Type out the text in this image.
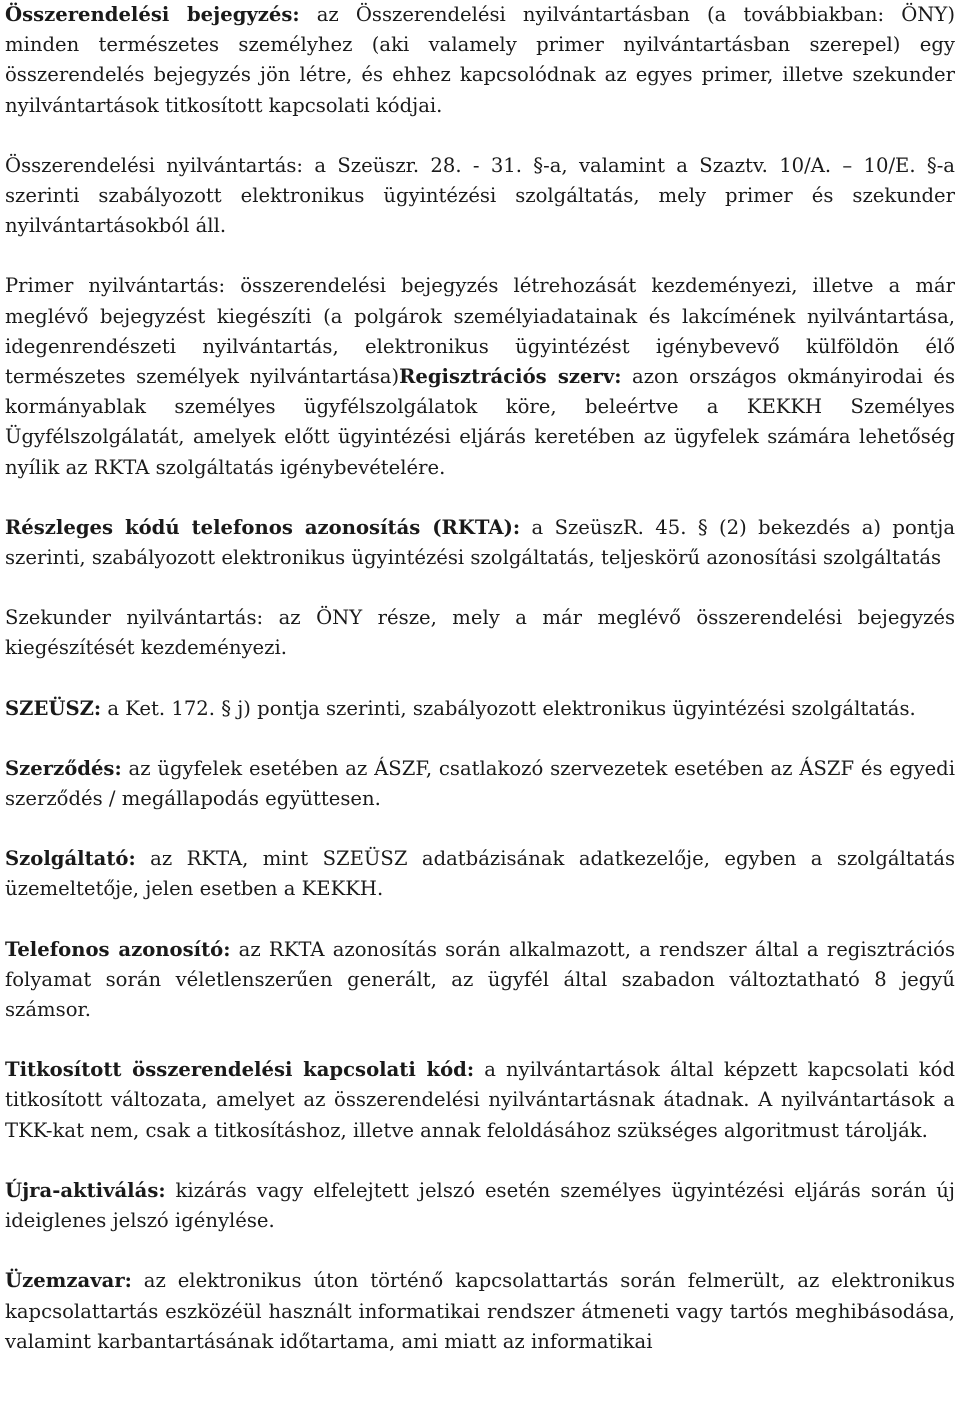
Összerendelési bejegyzés: az Összerendelési nyilvántartásban (a továbbiakban: ÖNY) minden természetes személyhez (aki valamely primer nyilvántartásban szerepel) egy összerendelés bejegyzés jön létre, és ehhez kapcsolódnak az egyes primer, illetve szekunder nyilvántartások titkosított kapcsolati kódjai.

Összerendelési nyilvántartás: a Szeüszr. 28. - 31. §-a, valamint a Szaztv. 10/A. – 10/E. §-a szerinti szabályozott elektronikus ügyintézési szolgáltatás, mely primer és szekunder nyilvántartásokból áll.

Primer nyilvántartás: összerendelési bejegyzés létrehozását kezdeményezi, illetve a már meglévő bejegyzést kiegészíti (a polgárok személyiadatainak és lakcímének nyilvántartása, idegenrendészeti nyilvántartás, elektronikus ügyintézést igénybevevő külföldön élő természetes személyek nyilvántartása)Regisztrációs szerv: azon országos okmányirodai és kormányablak személyes ügyfélszolgálatok köre, beleértve a KEKKH Személyes Ügyfélszolgálatát, amelyek előtt ügyintézési eljárás keretében az ügyfelek számára lehetőség nyílik az RKTA szolgáltatás igénybevételére.

Részleges kódú telefonos azonosítás (RKTA): a SzeüszR. 45. § (2) bekezdés a) pontja szerinti, szabályozott elektronikus ügyintézési szolgáltatás, teljeskörű azonosítási szolgáltatás

Szekunder nyilvántartás: az ÖNY része, mely a már meglévő összerendelési bejegyzés kiegészítését kezdeményezi.

SZEÜSZ: a Ket. 172. § j) pontja szerinti, szabályozott elektronikus ügyintézési szolgáltatás.

Szerződés: az ügyfelek esetében az ÁSZF, csatlakozó szervezetek esetében az ÁSZF és egyedi szerződés / megállapodás együttesen.

Szolgáltató: az RKTA, mint SZEÜSZ adatbázisának adatkezelője, egyben a szolgáltatás üzemeltetője, jelen esetben a KEKKH.

Telefonos azonosító: az RKTA azonosítás során alkalmazott, a rendszer által a regisztrációs folyamat során véletlenszerűen generált, az ügyfél által szabadon változtatható 8 jegyű számsor.

Titkosított összerendelési kapcsolati kód: a nyilvántartások által képzett kapcsolati kód titkosított változata, amelyet az összerendelési nyilvántartásnak átadnak. A nyilvántartások a TKK-kat nem, csak a titkosításhoz, illetve annak feloldásához szükséges algoritmust tárolják.

Újra-aktiválás: kizárás vagy elfelejtett jelszó esetén személyes ügyintézési eljárás során új ideiglenes jelszó igénylése.

Üzemzavar: az elektronikus úton történő kapcsolattartás során felmerült, az elektronikus kapcsolattartás eszközéül használt informatikai rendszer átmeneti vagy tartós meghibásodása, valamint karbantartásának időtartama, ami miatt az informatikai
